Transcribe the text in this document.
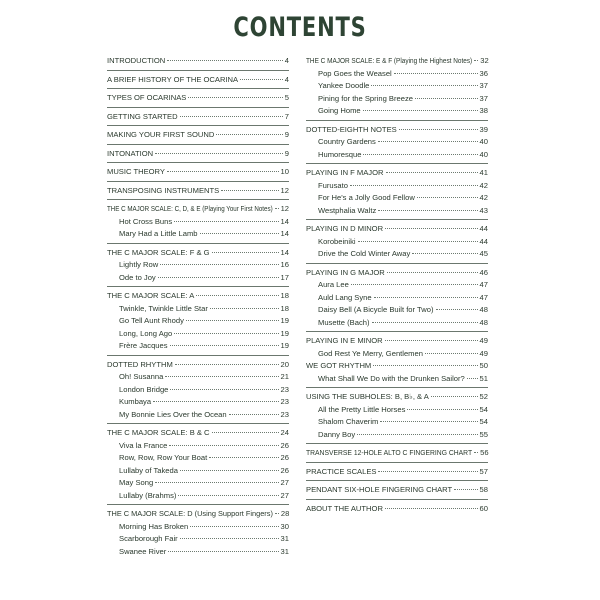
CONTENTS
INTRODUCTION	4
A BRIEF HISTORY OF THE OCARINA	4
TYPES OF OCARINAS	5
GETTING STARTED	7
MAKING YOUR FIRST SOUND	9
INTONATION	9
MUSIC THEORY	10
TRANSPOSING INSTRUMENTS	12
THE C MAJOR SCALE: C, D, & E (Playing Your First Notes) 12
Hot Cross Buns	14
Mary Had a Little Lamb	14
THE C MAJOR SCALE: F & G	14
Lightly Row	16
Ode to Joy	17
THE C MAJOR SCALE: A	18
Twinkle, Twinkle Little Star	18
Go Tell Aunt Rhody	19
Long, Long Ago	19
Frère Jacques	19
DOTTED RHYTHM	20
Oh! Susanna	21
London Bridge	23
Kumbaya	23
My Bonnie Lies Over the Ocean	23
THE C MAJOR SCALE: B & C	24
Viva la France	26
Row, Row, Row Your Boat	26
Lullaby of Takeda	26
May Song	27
Lullaby (Brahms)	27
THE C MAJOR SCALE: D (Using Support Fingers) 28
Morning Has Broken	30
Scarborough Fair	31
Swanee River	31
THE C MAJOR SCALE: E & F (Playing the Highest Notes) 32
Pop Goes the Weasel	36
Yankee Doodle	37
Pining for the Spring Breeze	37
Going Home	38
DOTTED-EIGHTH NOTES	39
Country Gardens	40
Humoresque	40
PLAYING IN F MAJOR	41
Furusato	42
For He's a Jolly Good Fellow	42
Westphalia Waltz	43
PLAYING IN D MINOR	44
Korobeiniki	44
Drive the Cold Winter Away	45
PLAYING IN G MAJOR	46
Aura Lee	47
Auld Lang Syne	47
Daisy Bell (A Bicycle Built for Two)	48
Musette (Bach)	48
PLAYING IN E MINOR	49
God Rest Ye Merry, Gentlemen	49
WE GOT RHYTHM	50
What Shall We Do with the Drunken Sailor? 51
USING THE SUBHOLES: B, B♭, & A	52
All the Pretty Little Horses	54
Shalom Chaverim	54
Danny Boy	55
TRANSVERSE 12-HOLE ALTO C FINGERING CHART 56
PRACTICE SCALES	57
PENDANT SIX-HOLE FINGERING CHART	58
ABOUT THE AUTHOR	60
